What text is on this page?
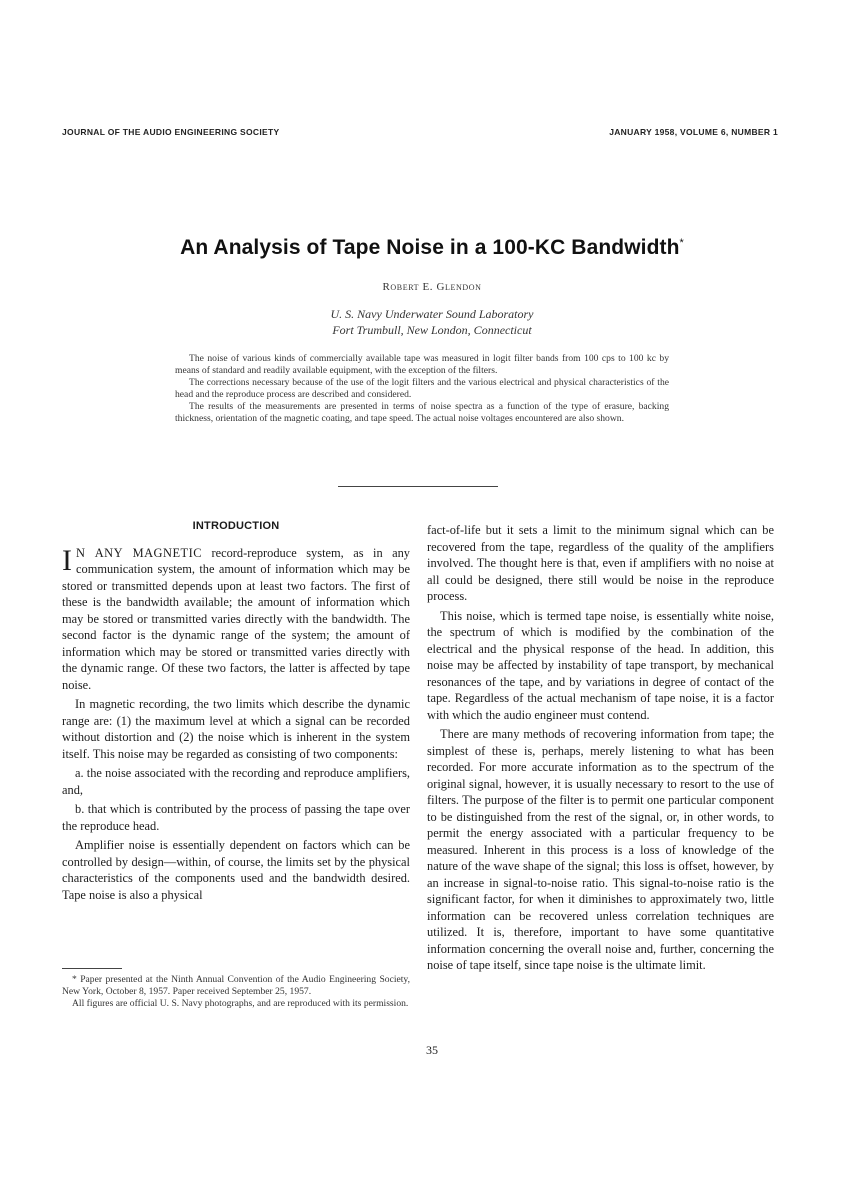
JOURNAL OF THE AUDIO ENGINEERING SOCIETY	JANUARY 1958, VOLUME 6, NUMBER 1
An Analysis of Tape Noise in a 100-KC Bandwidth*
Robert E. Glendon
U. S. Navy Underwater Sound Laboratory
Fort Trumbull, New London, Connecticut

The noise of various kinds of commercially available tape was measured in logit filter bands from 100 cps to 100 kc by means of standard and readily available equipment, with the exception of the filters.

The corrections necessary because of the use of the logit filters and the various electrical and physical characteristics of the head and the reproduce process are described and considered.

The results of the measurements are presented in terms of noise spectra as a function of the type of erasure, backing thickness, orientation of the magnetic coating, and tape speed. The actual noise voltages encountered are also shown.

INTRODUCTION

I N ANY MAGNETIC record-reproduce system, as in any communication system, the amount of information which may be stored or transmitted depends upon at least two factors. The first of these is the bandwidth available; the amount of information which may be stored or transmitted varies directly with the bandwidth. The second factor is the dynamic range of the system; the amount of information which may be stored or transmitted varies directly with the dynamic range. Of these two factors, the latter is affected by tape noise.

In magnetic recording, the two limits which describe the dynamic range are: (1) the maximum level at which a signal can be recorded without distortion and (2) the noise which is inherent in the system itself. This noise may be regarded as consisting of two components:

a. the noise associated with the recording and reproduce amplifiers, and,

b. that which is contributed by the process of passing the tape over the reproduce head.

Amplifier noise is essentially dependent on factors which can be controlled by design—within, of course, the limits set by the physical characteristics of the components used and the bandwidth desired. Tape noise is also a physical

fact-of-life but it sets a limit to the minimum signal which can be recovered from the tape, regardless of the quality of the amplifiers involved. The thought here is that, even if amplifiers with no noise at all could be designed, there still would be noise in the reproduce process.

This noise, which is termed tape noise, is essentially white noise, the spectrum of which is modified by the combination of the electrical and the physical response of the head. In addition, this noise may be affected by instability of tape transport, by mechanical resonances of the tape, and by variations in degree of contact of the tape. Regardless of the actual mechanism of tape noise, it is a factor with which the audio engineer must contend.

There are many methods of recovering information from tape; the simplest of these is, perhaps, merely listening to what has been recorded. For more accurate information as to the spectrum of the original signal, however, it is usually necessary to resort to the use of filters. The purpose of the filter is to permit one particular component to be distinguished from the rest of the signal, or, in other words, to permit the energy associated with a particular frequency to be measured. Inherent in this process is a loss of knowledge of the nature of the wave shape of the signal; this loss is offset, however, by an increase in signal-to-noise ratio. This signal-to-noise ratio is the significant factor, for when it diminishes to approximately two, little information can be recovered unless correlation techniques are utilized. It is, therefore, important to have some quantitative information concerning the overall noise and, further, concerning the noise of tape itself, since tape noise is the ultimate limit.

* Paper presented at the Ninth Annual Convention of the Audio Engineering Society, New York, October 8, 1957. Paper received September 25, 1957.

All figures are official U. S. Navy photographs, and are reproduced with its permission.

35
